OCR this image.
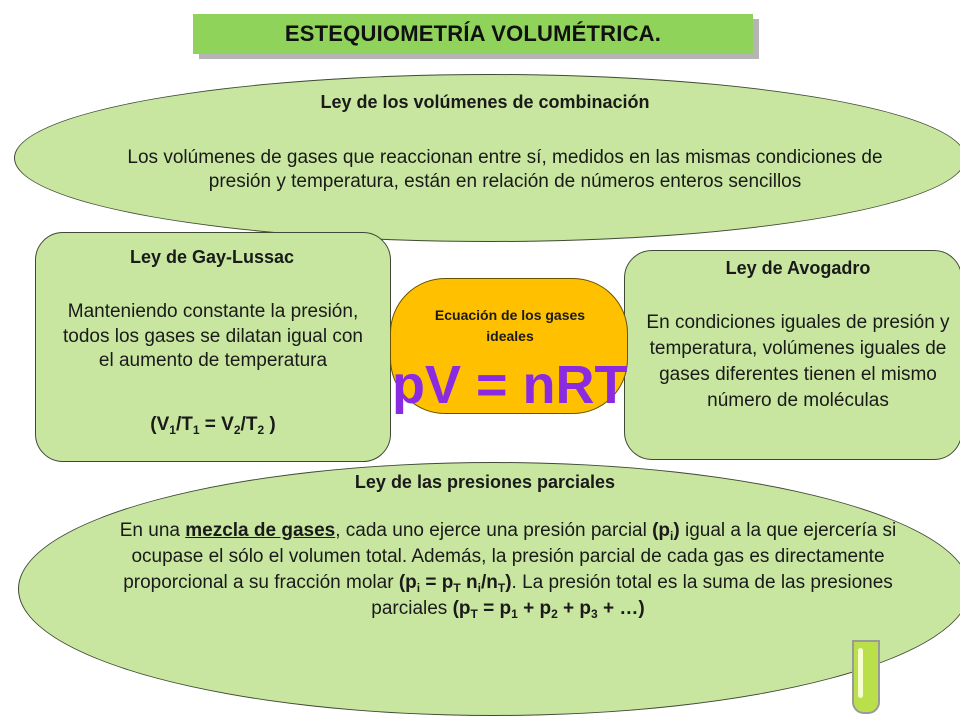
ESTEQUIOMETRÍA VOLUMÉTRICA.
Ley de los volúmenes de combinación
Los volúmenes de gases que reaccionan entre sí, medidos en las mismas condiciones de presión y temperatura, están en relación de números enteros sencillos
Ley de Gay-Lussac
Manteniendo constante la presión, todos los gases se dilatan igual con el aumento de temperatura
($V_1/T_1 = V_2/T_2$ )
Ley de Avogadro
En condiciones iguales de presión y temperatura, volúmenes iguales de gases diferentes tienen el mismo número de moléculas
Ecuación de los gases ideales
pV = nRT
Ley de las presiones parciales
En una mezcla de gases, cada uno ejerce una presión parcial $(p_i)$ igual a la que ejercería si ocupase el sólo el volumen total. Además, la presión parcial de cada gas es directamente proporcional a su fracción molar ($p_i = p_T$ $n_i/n_T$). La presión total es la suma de las presiones parciales ($p_T = p_1 + p_2 + p_3$ + …)
